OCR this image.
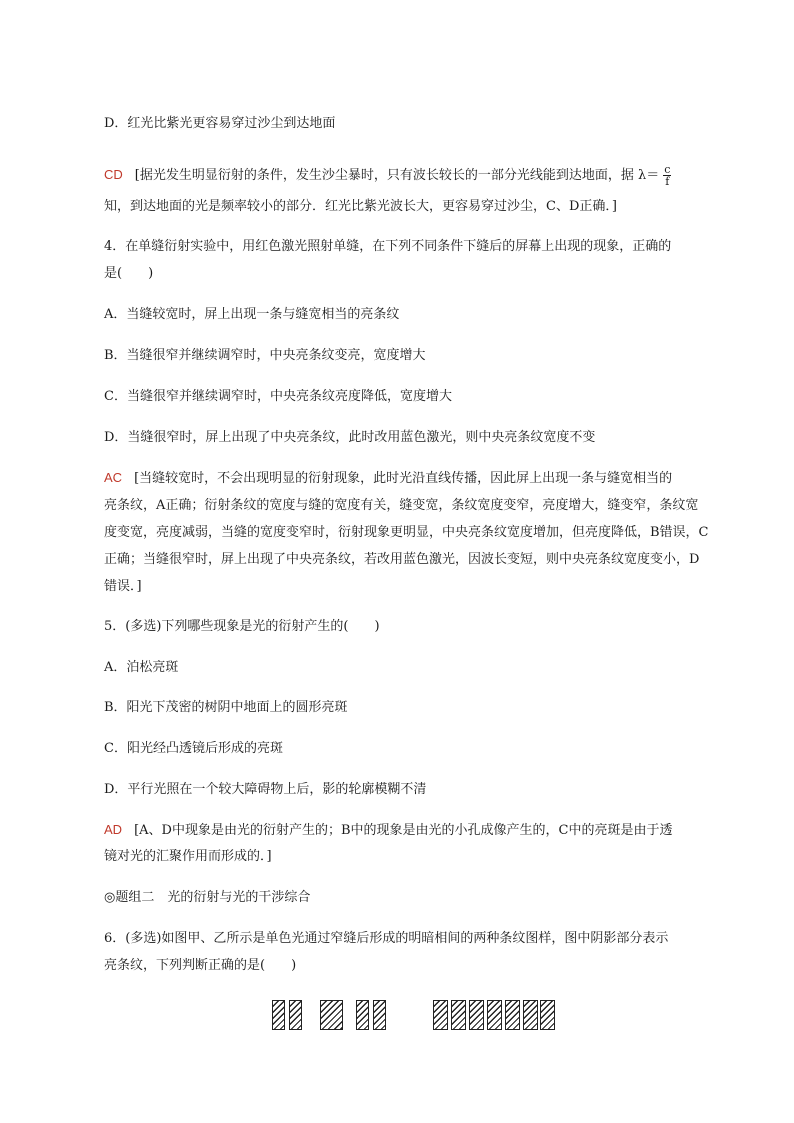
D．红光比紫光更容易穿过沙尘到达地面
CD [据光发生明显衍射的条件，发生沙尘暴时，只有波长较长的一部分光线能到达地面，据 $\lambda= \frac{c}{f}$
知，到达地面的光是频率较小的部分．红光比紫光波长大，更容易穿过沙尘，C、D正确．]
4．在单缝衍射实验中，用红色激光照射单缝，在下列不同条件下缝后的屏幕上出现的现象，正确的
是(　　)
A．当缝较宽时，屏上出现一条与缝宽相当的亮条纹
B．当缝很窄并继续调窄时，中央亮条纹变亮，宽度增大
C．当缝很窄并继续调窄时，中央亮条纹亮度降低，宽度增大
D．当缝很窄时，屏上出现了中央亮条纹，此时改用蓝色激光，则中央亮条纹宽度不变
AC [当缝较宽时，不会出现明显的衍射现象，此时光沿直线传播，因此屏上出现一条与缝宽相当的
亮条纹，A正确；衍射条纹的宽度与缝的宽度有关，缝变宽，条纹宽度变窄，亮度增大，缝变窄，条纹宽
度变宽，亮度减弱，当缝的宽度变窄时，衍射现象更明显，中央亮条纹宽度增加，但亮度降低，B错误，C
正确；当缝很窄时，屏上出现了中央亮条纹，若改用蓝色激光，因波长变短，则中央亮条纹宽度变小，D
错误．]
5．(多选)下列哪些现象是光的衍射产生的(　　)
A．泊松亮斑
B．阳光下茂密的树阴中地面上的圆形亮斑
C．阳光经凸透镜后形成的亮斑
D．平行光照在一个较大障碍物上后，影的轮廓模糊不清
AD [A、D中现象是由光的衍射产生的；B中的现象是由光的小孔成像产生的，C中的亮斑是由于透
镜对光的汇聚作用而形成的．]
◎题组二　光的衍射与光的干涉综合
6．(多选)如图甲、乙所示是单色光通过窄缝后形成的明暗相间的两种条纹图样，图中阴影部分表示
亮条纹，下列判断正确的是(　　)
